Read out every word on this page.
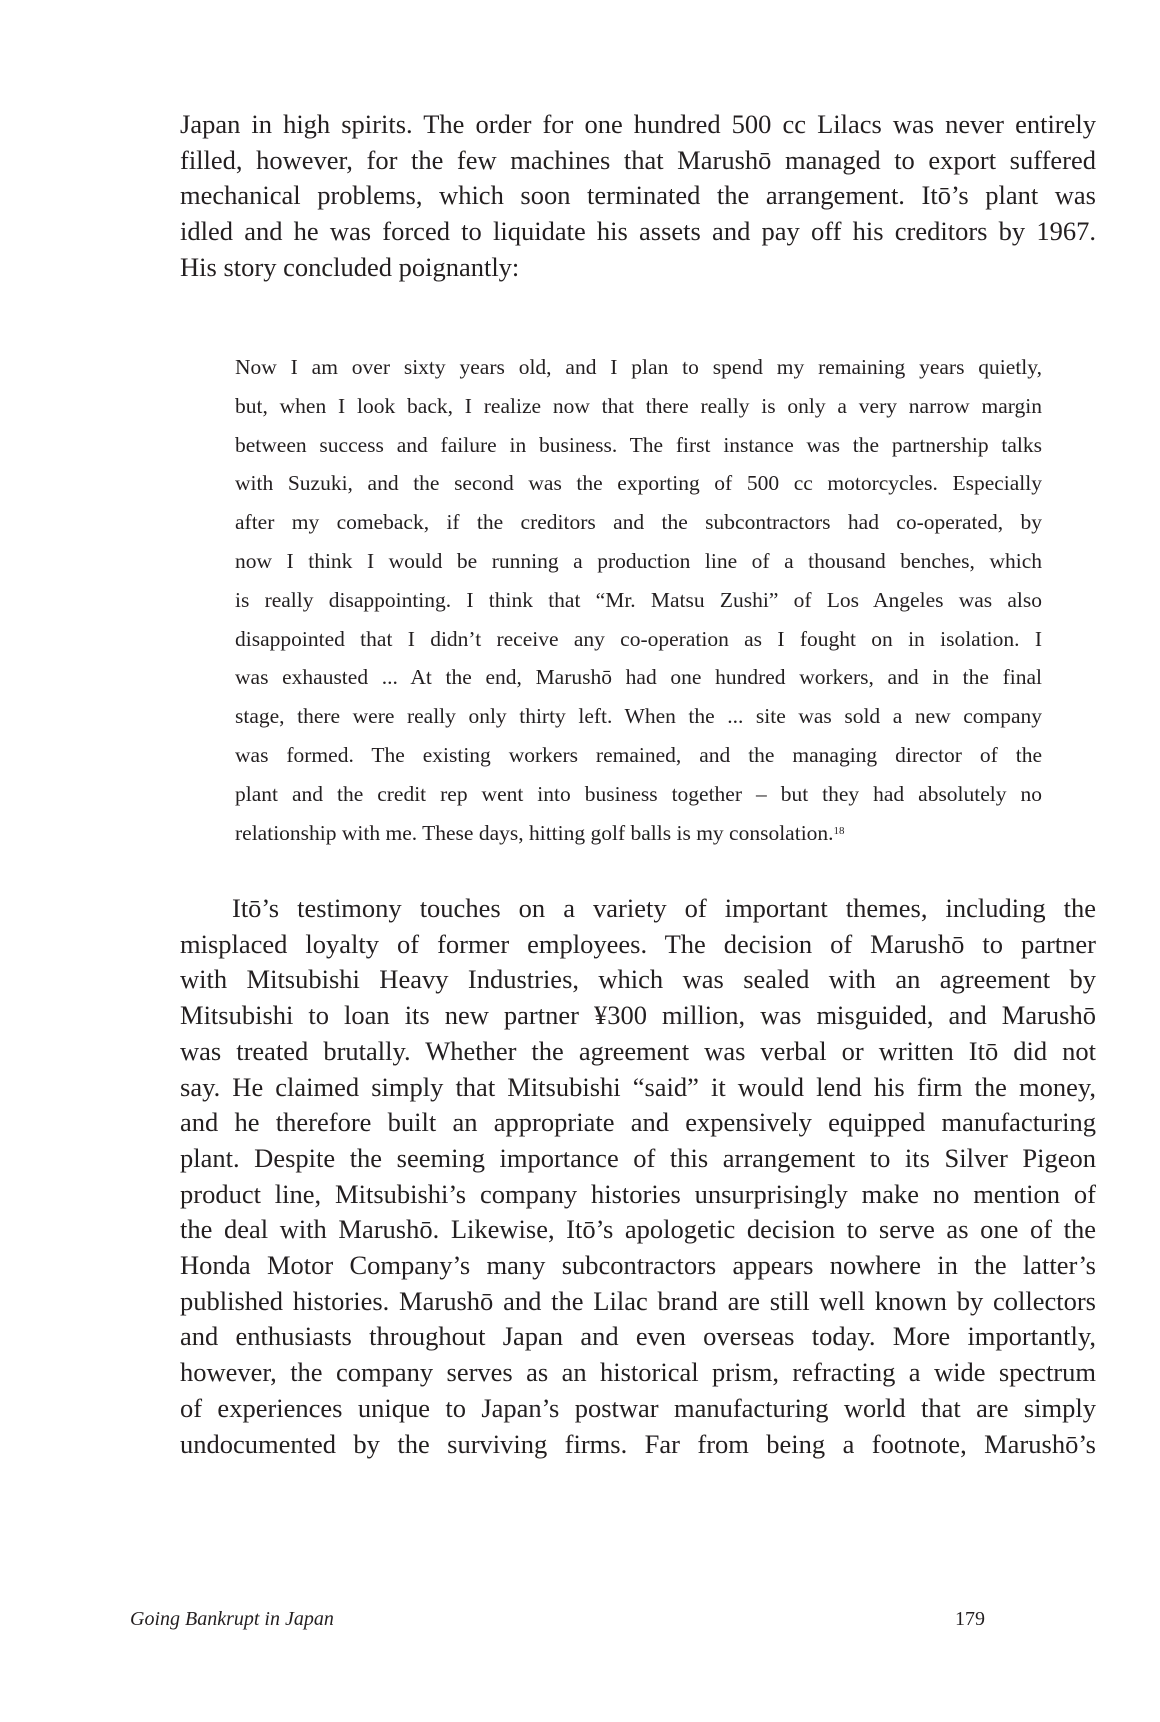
Japan in high spirits. The order for one hundred 500 cc Lilacs was never entirely
filled, however, for the few machines that Marushō managed to export suffered
mechanical problems, which soon terminated the arrangement. Itō’s plant was
idled and he was forced to liquidate his assets and pay off his creditors by 1967.
His story concluded poignantly:
Now I am over sixty years old, and I plan to spend my remaining years quietly,
but, when I look back, I realize now that there really is only a very narrow margin
between success and failure in business. The first instance was the partnership talks
with Suzuki, and the second was the exporting of 500 cc motorcycles. Especially
after my comeback, if the creditors and the subcontractors had co-operated, by
now I think I would be running a production line of a thousand benches, which
is really disappointing. I think that “Mr. Matsu Zushi” of Los Angeles was also
disappointed that I didn’t receive any co-operation as I fought on in isolation. I
was exhausted ... At the end, Marushō had one hundred workers, and in the final
stage, there were really only thirty left. When the ... site was sold a new company
was formed. The existing workers remained, and the managing director of the
plant and the credit rep went into business together – but they had absolutely no
relationship with me. These days, hitting golf balls is my consolation.$^{18}$
Itō’s testimony touches on a variety of important themes, including the
misplaced loyalty of former employees. The decision of Marushō to partner
with Mitsubishi Heavy Industries, which was sealed with an agreement by
Mitsubishi to loan its new partner ¥300 million, was misguided, and Marushō
was treated brutally. Whether the agreement was verbal or written Itō did not
say. He claimed simply that Mitsubishi “said” it would lend his firm the money,
and he therefore built an appropriate and expensively equipped manufacturing
plant. Despite the seeming importance of this arrangement to its Silver Pigeon
product line, Mitsubishi’s company histories unsurprisingly make no mention of
the deal with Marushō. Likewise, Itō’s apologetic decision to serve as one of the
Honda Motor Company’s many subcontractors appears nowhere in the latter’s
published histories. Marushō and the Lilac brand are still well known by collectors
and enthusiasts throughout Japan and even overseas today. More importantly,
however, the company serves as an historical prism, refracting a wide spectrum
of experiences unique to Japan’s postwar manufacturing world that are simply
undocumented by the surviving firms. Far from being a footnote, Marushō’s
Going Bankrupt in Japan	179
